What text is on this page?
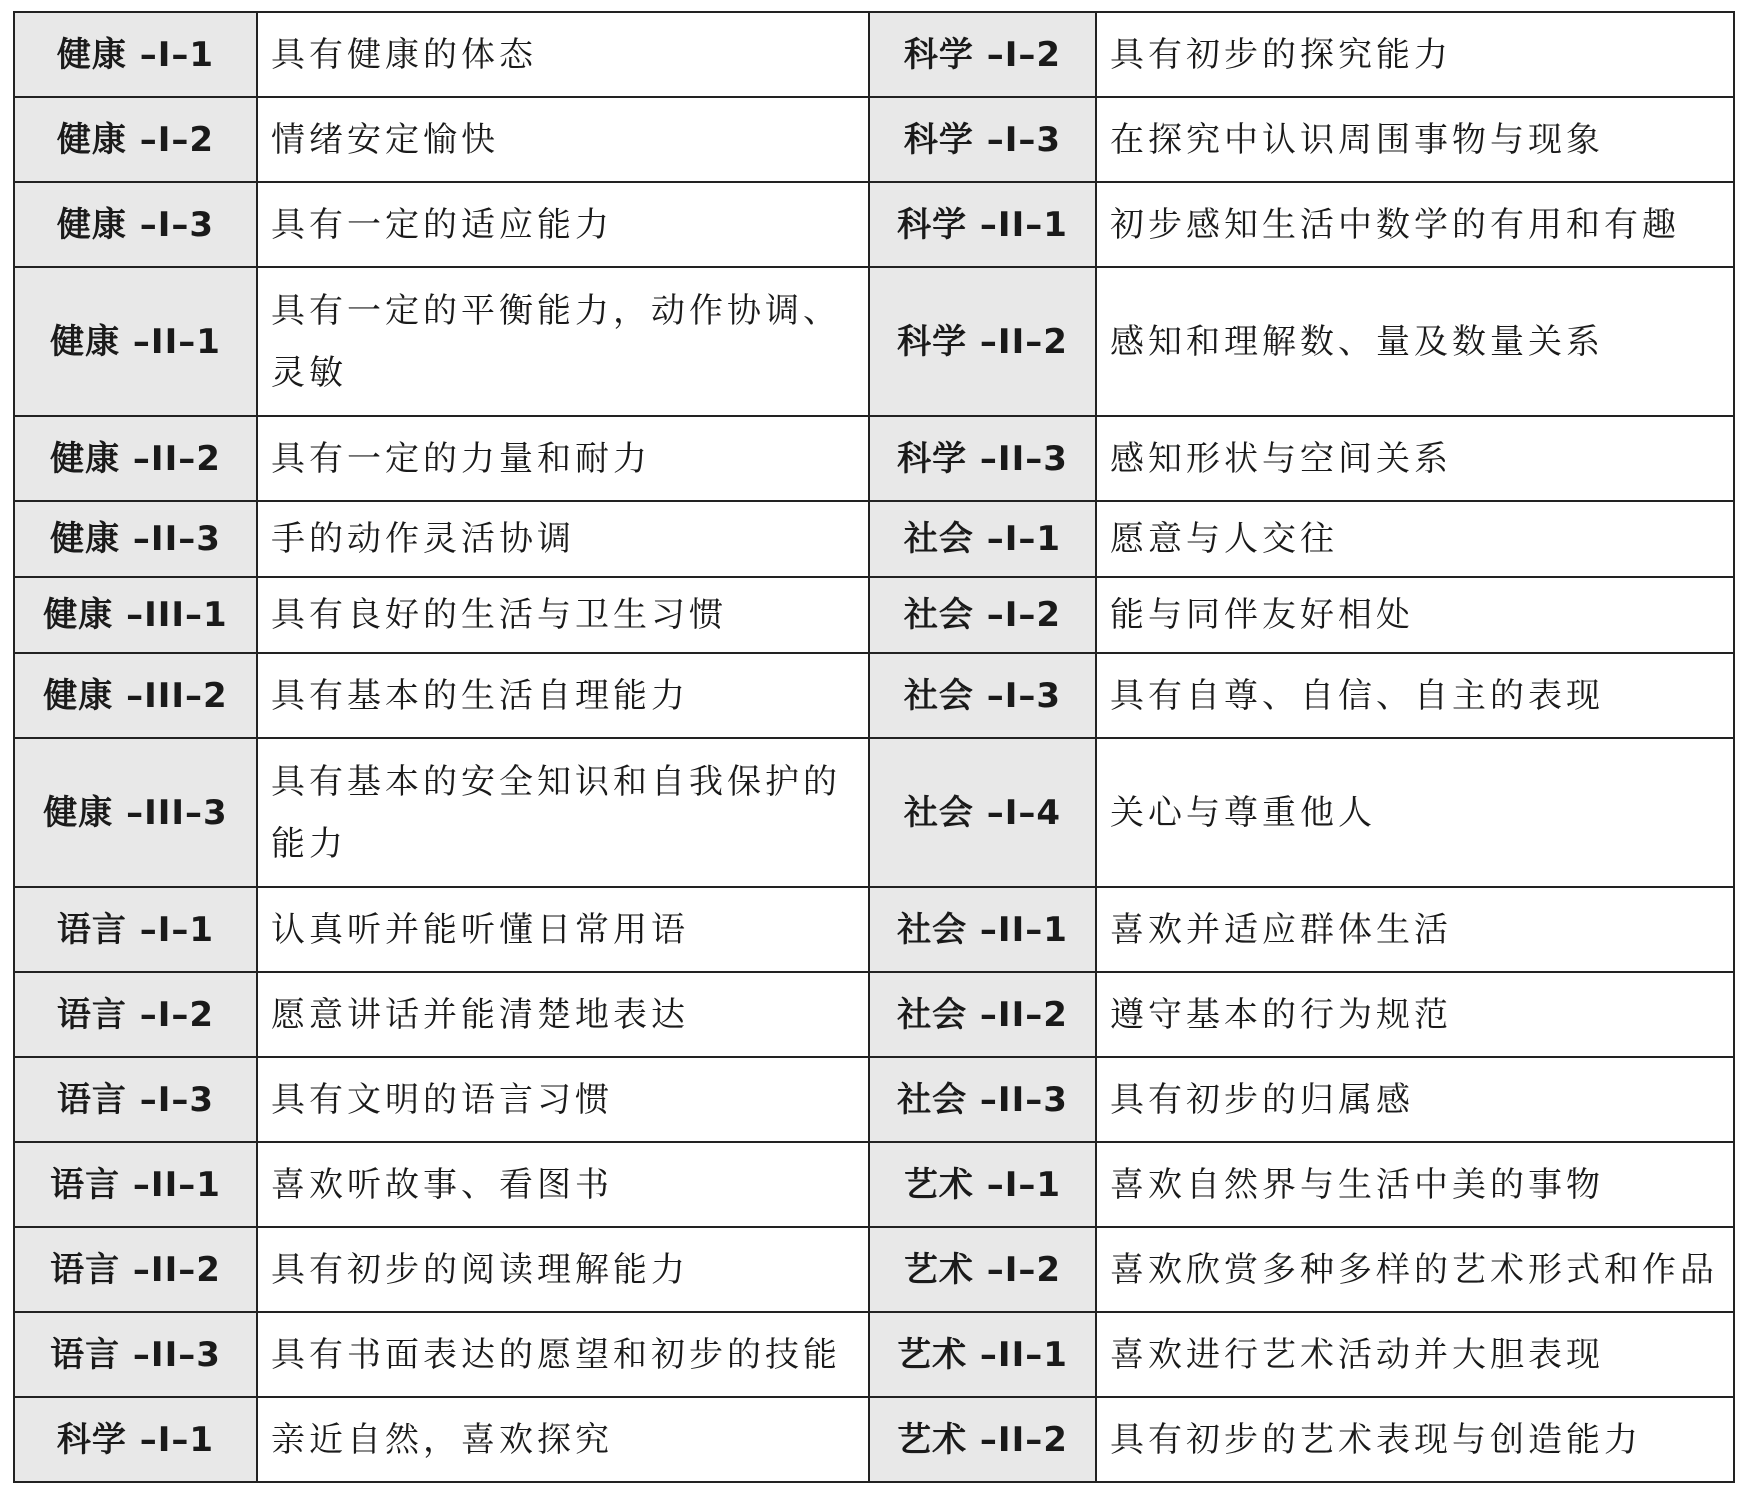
健康 –I–1	具有健康的体态	科学 –I–2	具有初步的探究能力
健康 –I–2	情绪安定愉快	科学 –I–3	在探究中认识周围事物与现象
健康 –I–3	具有一定的适应能力	科学 –II–1	初步感知生活中数学的有用和有趣
健康 –II–1	具有一定的平衡能力，动作协调、灵敏	科学 –II–2	感知和理解数、量及数量关系
健康 –II–2	具有一定的力量和耐力	科学 –II–3	感知形状与空间关系
健康 –II–3	手的动作灵活协调	社会 –I–1	愿意与人交往
健康 –III–1	具有良好的生活与卫生习惯	社会 –I–2	能与同伴友好相处
健康 –III–2	具有基本的生活自理能力	社会 –I–3	具有自尊、自信、自主的表现
健康 –III–3	具有基本的安全知识和自我保护的能力	社会 –I–4	关心与尊重他人
语言 –I–1	认真听并能听懂日常用语	社会 –II–1	喜欢并适应群体生活
语言 –I–2	愿意讲话并能清楚地表达	社会 –II–2	遵守基本的行为规范
语言 –I–3	具有文明的语言习惯	社会 –II–3	具有初步的归属感
语言 –II–1	喜欢听故事、看图书	艺术 –I–1	喜欢自然界与生活中美的事物
语言 –II–2	具有初步的阅读理解能力	艺术 –I–2	喜欢欣赏多种多样的艺术形式和作品
语言 –II–3	具有书面表达的愿望和初步的技能	艺术 –II–1	喜欢进行艺术活动并大胆表现
科学 –I–1	亲近自然，喜欢探究	艺术 –II–2	具有初步的艺术表现与创造能力
